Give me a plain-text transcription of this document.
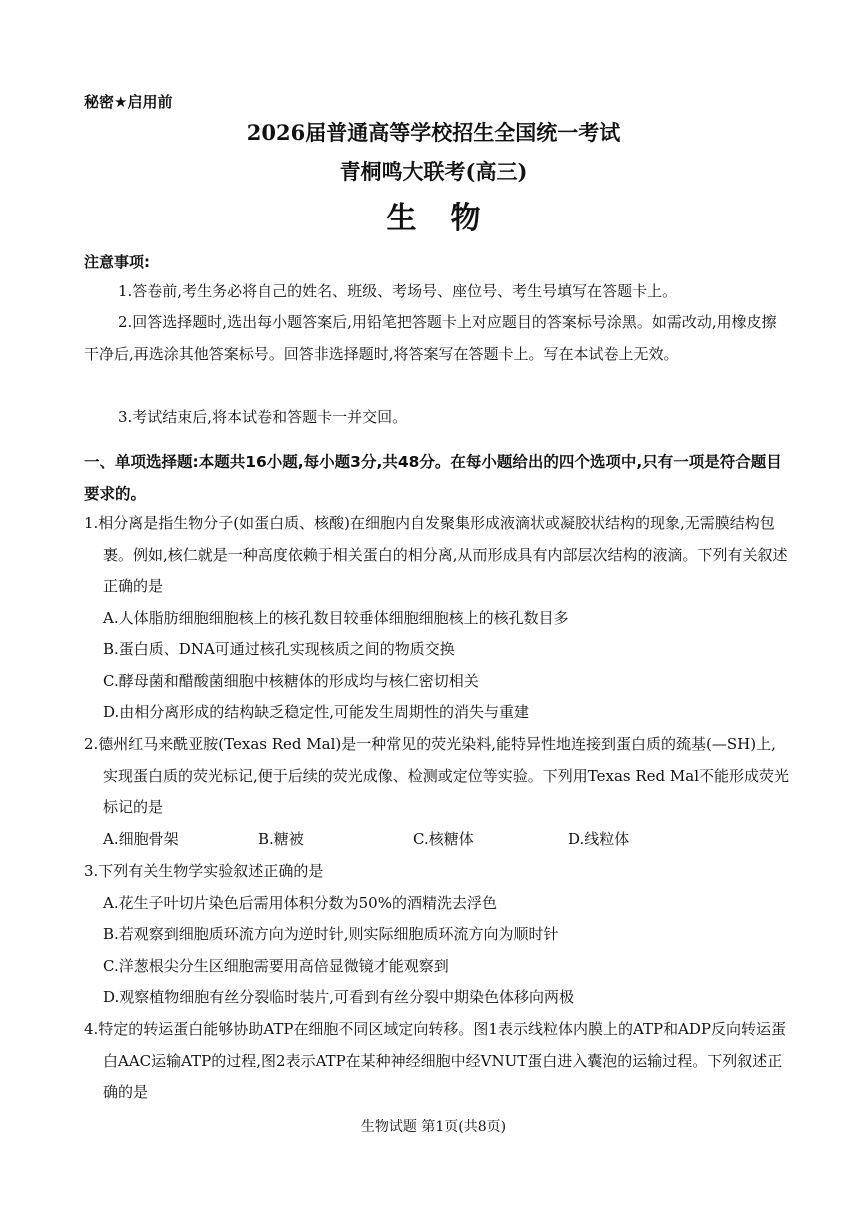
秘密★启用前
2026届普通高等学校招生全国统一考试
青桐鸣大联考(高三)
生物
注意事项:
1.答卷前,考生务必将自己的姓名、班级、考场号、座位号、考生号填写在答题卡上。
2.回答选择题时,选出每小题答案后,用铅笔把答题卡上对应题目的答案标号涂黑。如需改动,用橡皮擦干净后,再选涂其他答案标号。回答非选择题时,将答案写在答题卡上。写在本试卷上无效。
3.考试结束后,将本试卷和答题卡一并交回。
一、单项选择题:本题共16小题,每小题3分,共48分。在每小题给出的四个选项中,只有一项是符合题目要求的。
1.相分离是指生物分子(如蛋白质、核酸)在细胞内自发聚集形成液滴状或凝胶状结构的现象,无需膜结构包裹。例如,核仁就是一种高度依赖于相关蛋白的相分离,从而形成具有内部层次结构的液滴。下列有关叙述正确的是
A.人体脂肪细胞细胞核上的核孔数目较垂体细胞细胞核上的核孔数目多
B.蛋白质、DNA可通过核孔实现核质之间的物质交换
C.酵母菌和醋酸菌细胞中核糖体的形成均与核仁密切相关
D.由相分离形成的结构缺乏稳定性,可能发生周期性的消失与重建
2.德州红马来酰亚胺(Texas Red Mal)是一种常见的荧光染料,能特异性地连接到蛋白质的巯基(—SH)上,实现蛋白质的荧光标记,便于后续的荧光成像、检测或定位等实验。下列用Texas Red Mal不能形成荧光标记的是
A.细胞骨架	B.糖被	C.核糖体	D.线粒体
3.下列有关生物学实验叙述正确的是
A.花生子叶切片染色后需用体积分数为50%的酒精洗去浮色
B.若观察到细胞质环流方向为逆时针,则实际细胞质环流方向为顺时针
C.洋葱根尖分生区细胞需要用高倍显微镜才能观察到
D.观察植物细胞有丝分裂临时装片,可看到有丝分裂中期染色体移向两极
4.特定的转运蛋白能够协助ATP在细胞不同区域定向转移。图1表示线粒体内膜上的ATP和ADP反向转运蛋白AAC运输ATP的过程,图2表示ATP在某种神经细胞中经VNUT蛋白进入囊泡的运输过程。下列叙述正确的是
生物试题 第1页(共8页)
